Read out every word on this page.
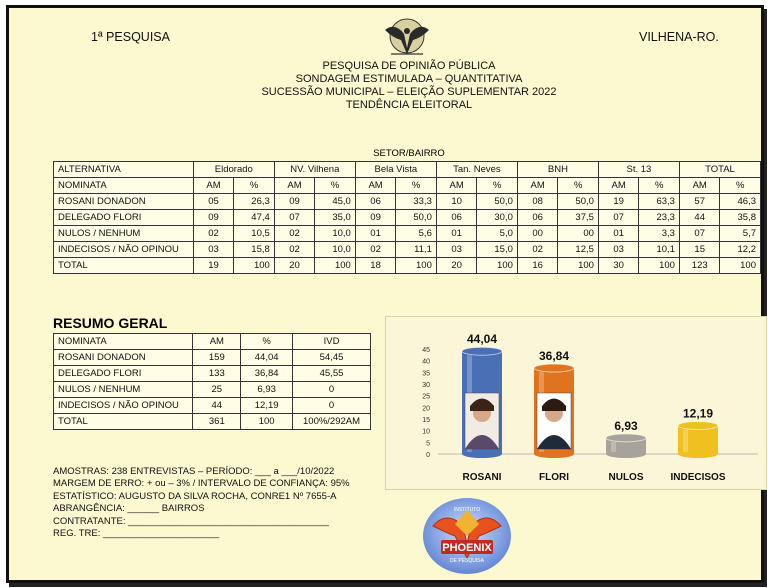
1ª PESQUISA	VILHENA-RO.
PESQUISA DE OPINIÃO PÚBLICA
SONDAGEM ESTIMULADA – QUANTITATIVA
SUCESSÃO MUNICIPAL – ELEIÇÃO SUPLEMENTAR 2022
TENDÊNCIA ELEITORAL
SETOR/BAIRRO
ALTERNATIVA	Eldorado		NV. Vilhena		Bela Vista		Tan. Neves		BNH		St. 13		TOTAL	
NOMINATA	AM	%	AM	%	AM	%	AM	%	AM	%	AM	%	AM	%
ROSANI DONADON	05	26,3	09	45,0	06	33,3	10	50,0	08	50,0	19	63,3	57	46,3
DELEGADO FLORI	09	47,4	07	35,0	09	50,0	06	30,0	06	37,5	07	23,3	44	35,8
NULOS / NENHUM	02	10,5	02	10,0	01	5,6	01	5,0	00	00	01	3,3	07	5,7
INDECISOS / NÃO OPINOU	03	15,8	02	10,0	02	11,1	03	15,0	02	12,5	03	10,1	15	12,2
TOTAL	19	100	20	100	18	100	20	100	16	100	30	100	123	100
RESUMO GERAL
NOMINATA	AM	%	IVD
ROSANI DONADON	159	44,04	54,45
DELEGADO FLORI	133	36,84	45,55
NULOS / NENHUM	25	6,93	0
INDECISOS / NÃO OPINOU	44	12,19	0
TOTAL	361	100	100%/292AM
0
5
10
15
20
25
30
35
40
45
44,04
ROSANI
36,84
FLORI
6,93
NULOS
12,19
INDECISOS
AMOSTRAS: 238 ENTREVISTAS – PERÍODO: ___ a ___/10/2022
MARGEM DE ERRO: + ou – 3% / INTERVALO DE CONFIANÇA: 95%
ESTATÍSTICO: AUGUSTO DA SILVA ROCHA, CONRE1 Nº 7655-A
ABRANGÊNCIA: ______ BAIRROS
CONTRATANTE: ______________________________________
REG. TRE: ______________________
INSTITUTO
PHOENIX
DE PESQUISA
